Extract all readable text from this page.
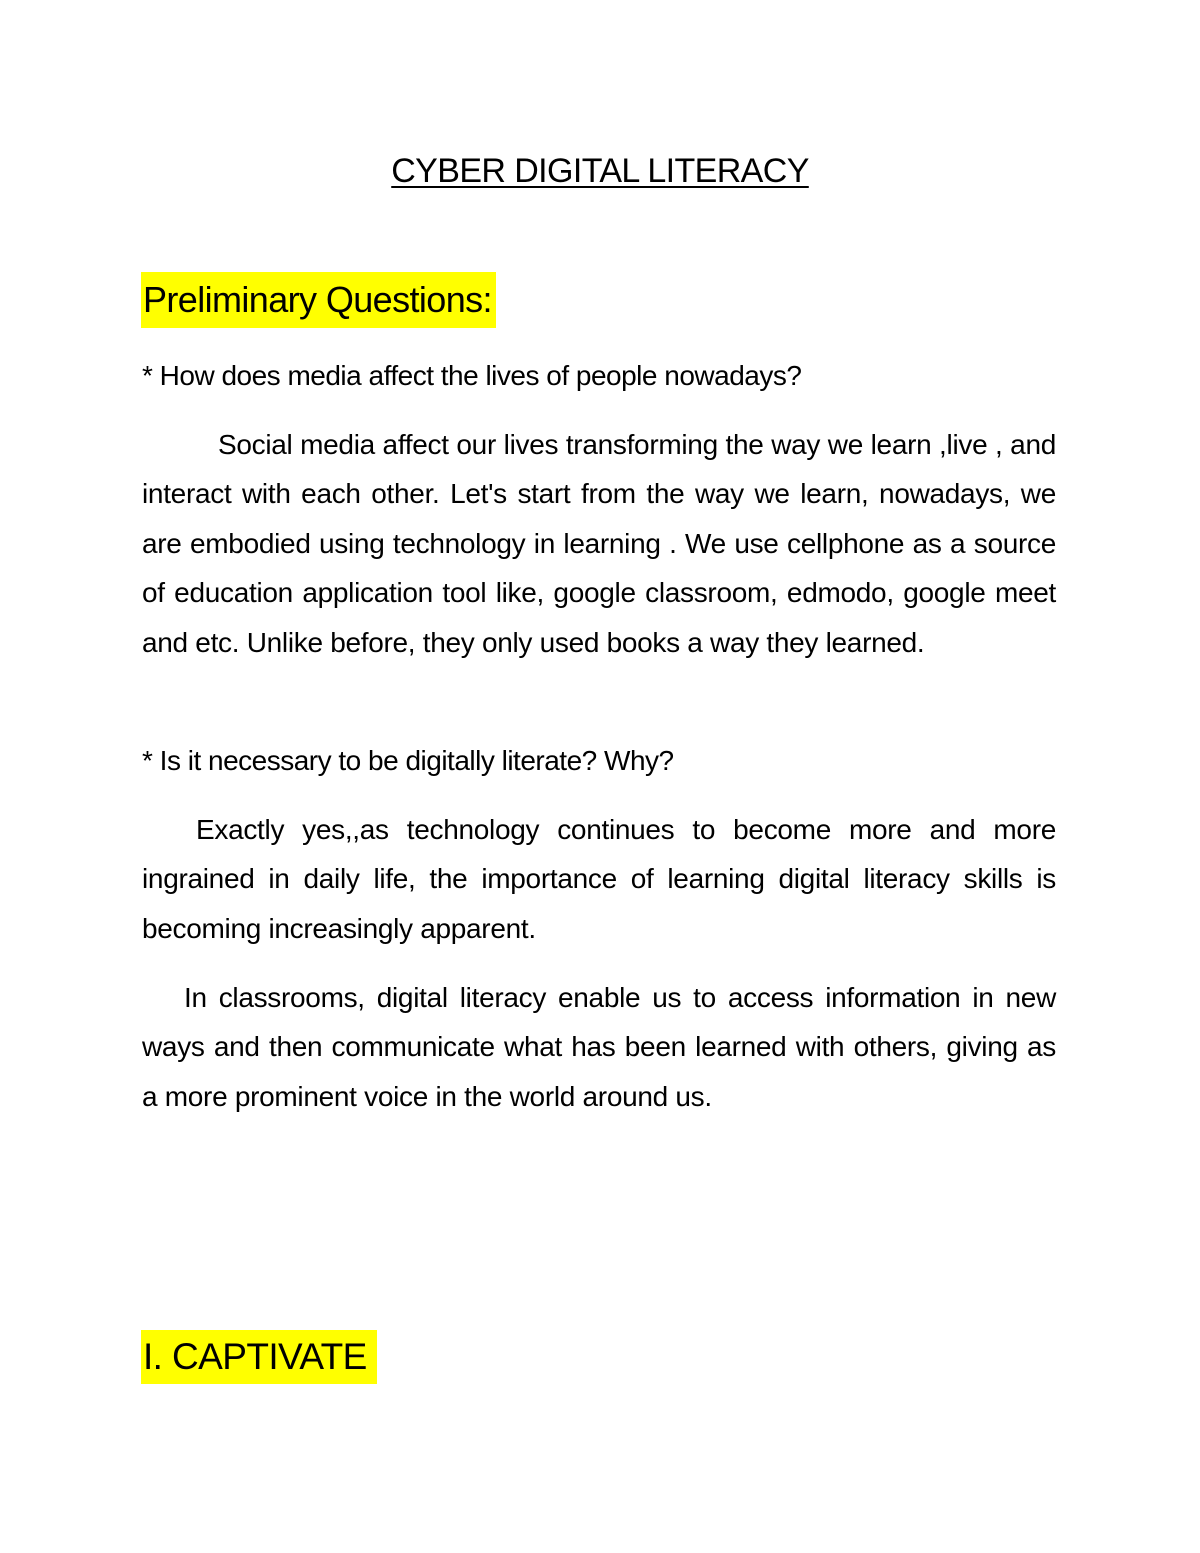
CYBER DIGITAL LITERACY
Preliminary Questions:
* How does media affect the lives of people nowadays?
Social media affect our lives transforming the way we learn ,live , and interact with each other. Let's start from the way we learn, nowadays, we are embodied using technology in learning . We use cellphone as a source of education application tool like, google classroom, edmodo, google meet and etc. Unlike before, they only used books a way they learned.
* Is it necessary to be digitally literate? Why?
Exactly yes,,as technology continues to become more and more ingrained in daily life, the importance of learning digital literacy skills is becoming increasingly apparent.
In classrooms, digital literacy enable us to access information in new ways and then communicate what has been learned with others, giving as a more prominent voice in the world around us.
I. CAPTIVATE
